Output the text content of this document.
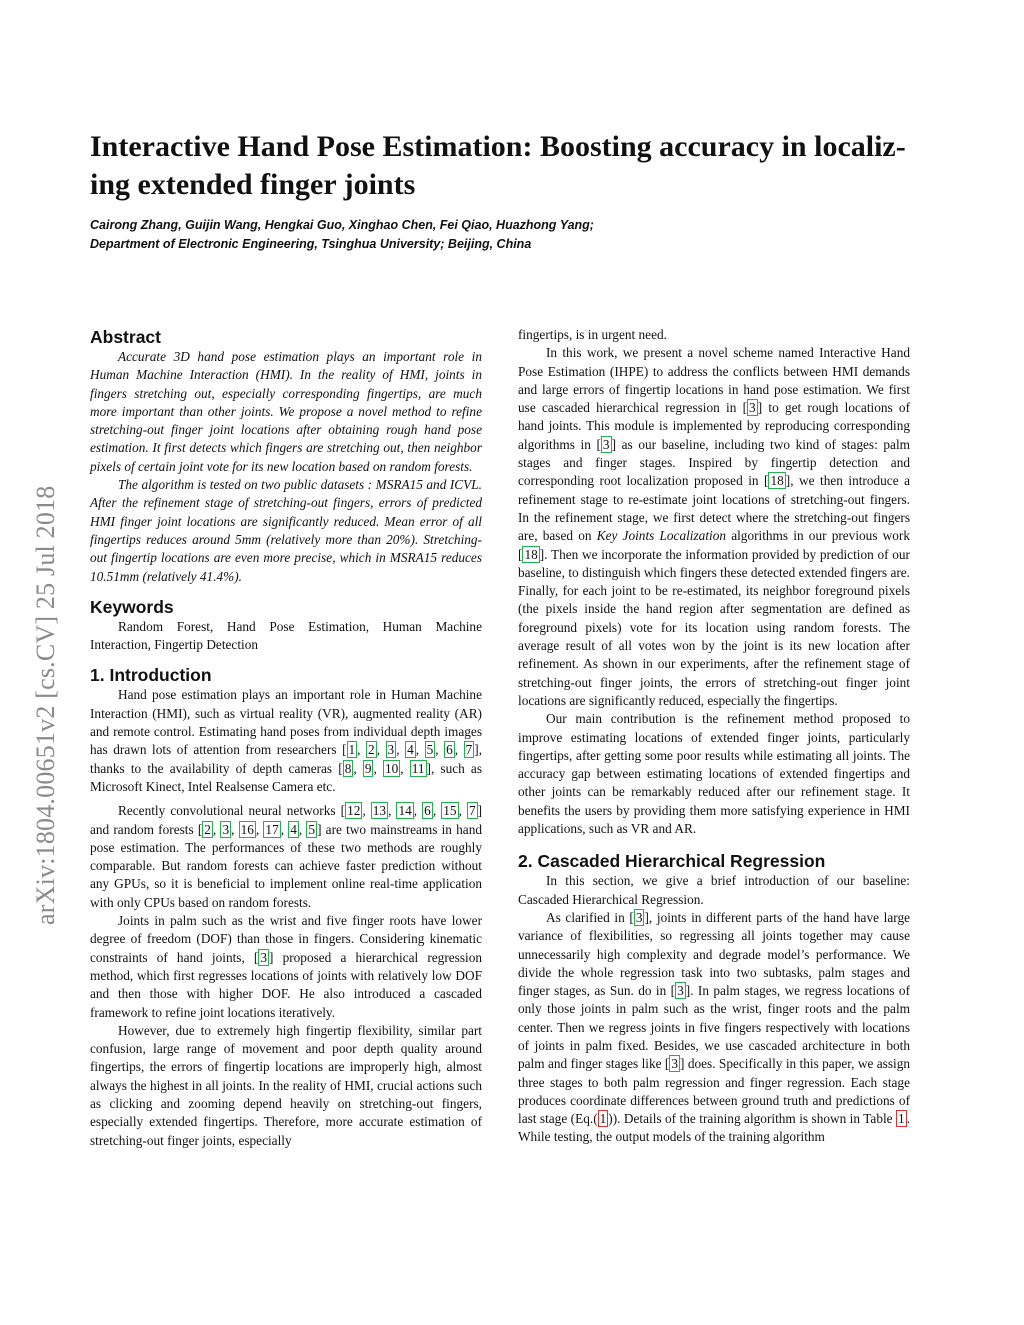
arXiv:1804.00651v2 [cs.CV] 25 Jul 2018
Interactive Hand Pose Estimation: Boosting accuracy in localiz-ing extended finger joints
Cairong Zhang, Guijin Wang, Hengkai Guo, Xinghao Chen, Fei Qiao, Huazhong Yang;
Department of Electronic Engineering, Tsinghua University; Beijing, China
Abstract

Accurate 3D hand pose estimation plays an important role in Human Machine Interaction (HMI). In the reality of HMI, joints in fingers stretching out, especially corresponding fingertips, are much more important than other joints. We propose a novel method to refine stretching-out finger joint locations after obtaining rough hand pose estimation. It first detects which fingers are stretching out, then neighbor pixels of certain joint vote for its new location based on random forests.

The algorithm is tested on two public datasets : MSRA15 and ICVL. After the refinement stage of stretching-out fingers, errors of predicted HMI finger joint locations are significantly reduced. Mean error of all fingertips reduces around 5mm (relatively more than 20%). Stretching-out fingertip locations are even more precise, which in MSRA15 reduces 10.51mm (relatively 41.4%).

Keywords

Random Forest, Hand Pose Estimation, Human Machine Interaction, Fingertip Detection

1. Introduction

Hand pose estimation plays an important role in Human Machine Interaction (HMI), such as virtual reality (VR), augmented reality (AR) and remote control. Estimating hand poses from individual depth images has drawn lots of attention from researchers [ 1 , 2 , 3 , 4 , 5 , 6 , 7 ], thanks to the availability of depth cameras [ 8 , 9 , 10 , 11 ], such as Microsoft Kinect, Intel Realsense Camera etc.

Recently convolutional neural networks [ 12 , 13 , 14 , 6 , 15 , 7 ] and random forests [ 2 , 3 , 16 , 17 , 4 , 5 ] are two mainstreams in hand pose estimation. The performances of these two methods are roughly comparable. But random forests can achieve faster prediction without any GPUs, so it is beneficial to implement online real-time application with only CPUs based on random forests.

Joints in palm such as the wrist and five finger roots have lower degree of freedom (DOF) than those in fingers. Considering kinematic constraints of hand joints, [ 3 ] proposed a hierarchical regression method, which first regresses locations of joints with relatively low DOF and then those with higher DOF. He also introduced a cascaded framework to refine joint locations iteratively.

However, due to extremely high fingertip flexibility, similar part confusion, large range of movement and poor depth quality around fingertips, the errors of fingertip locations are improperly high, almost always the highest in all joints. In the reality of HMI, crucial actions such as clicking and zooming depend heavily on stretching-out fingers, especially extended fingertips. Therefore, more accurate estimation of stretching-out finger joints, especially

fingertips, is in urgent need.

In this work, we present a novel scheme named Interactive Hand Pose Estimation (IHPE) to address the conflicts between HMI demands and large errors of fingertip locations in hand pose estimation. We first use cascaded hierarchical regression in [ 3 ] to get rough locations of hand joints. This module is implemented by reproducing corresponding algorithms in [ 3 ] as our baseline, including two kind of stages: palm stages and finger stages. Inspired by fingertip detection and corresponding root localization proposed in [ 18 ], we then introduce a refinement stage to re-estimate joint locations of stretching-out fingers. In the refinement stage, we first detect where the stretching-out fingers are, based on Key Joints Localization algorithms in our previous work [ 18 ]. Then we incorporate the information provided by prediction of our baseline, to distinguish which fingers these detected extended fingers are. Finally, for each joint to be re-estimated, its neighbor foreground pixels (the pixels inside the hand region after segmentation are defined as foreground pixels) vote for its location using random forests. The average result of all votes won by the joint is its new location after refinement. As shown in our experiments, after the refinement stage of stretching-out finger joints, the errors of stretching-out finger joint locations are significantly reduced, especially the fingertips.

Our main contribution is the refinement method proposed to improve estimating locations of extended finger joints, particularly fingertips, after getting some poor results while estimating all joints. The accuracy gap between estimating locations of extended fingertips and other joints can be remarkably reduced after our refinement stage. It benefits the users by providing them more satisfying experience in HMI applications, such as VR and AR.

2. Cascaded Hierarchical Regression

In this section, we give a brief introduction of our baseline: Cascaded Hierarchical Regression.

As clarified in [ 3 ], joints in different parts of the hand have large variance of flexibilities, so regressing all joints together may cause unnecessarily high complexity and degrade model’s performance. We divide the whole regression task into two subtasks, palm stages and finger stages, as Sun. do in [ 3 ]. In palm stages, we regress locations of only those joints in palm such as the wrist, finger roots and the palm center. Then we regress joints in five fingers respectively with locations of joints in palm fixed. Besides, we use cascaded architecture in both palm and finger stages like [ 3 ] does. Specifically in this paper, we assign three stages to both palm regression and finger regression. Each stage produces coordinate differences between ground truth and predictions of last stage (Eq.( 1 )). Details of the training algorithm is shown in Table 1 . While testing, the output models of the training algorithm
